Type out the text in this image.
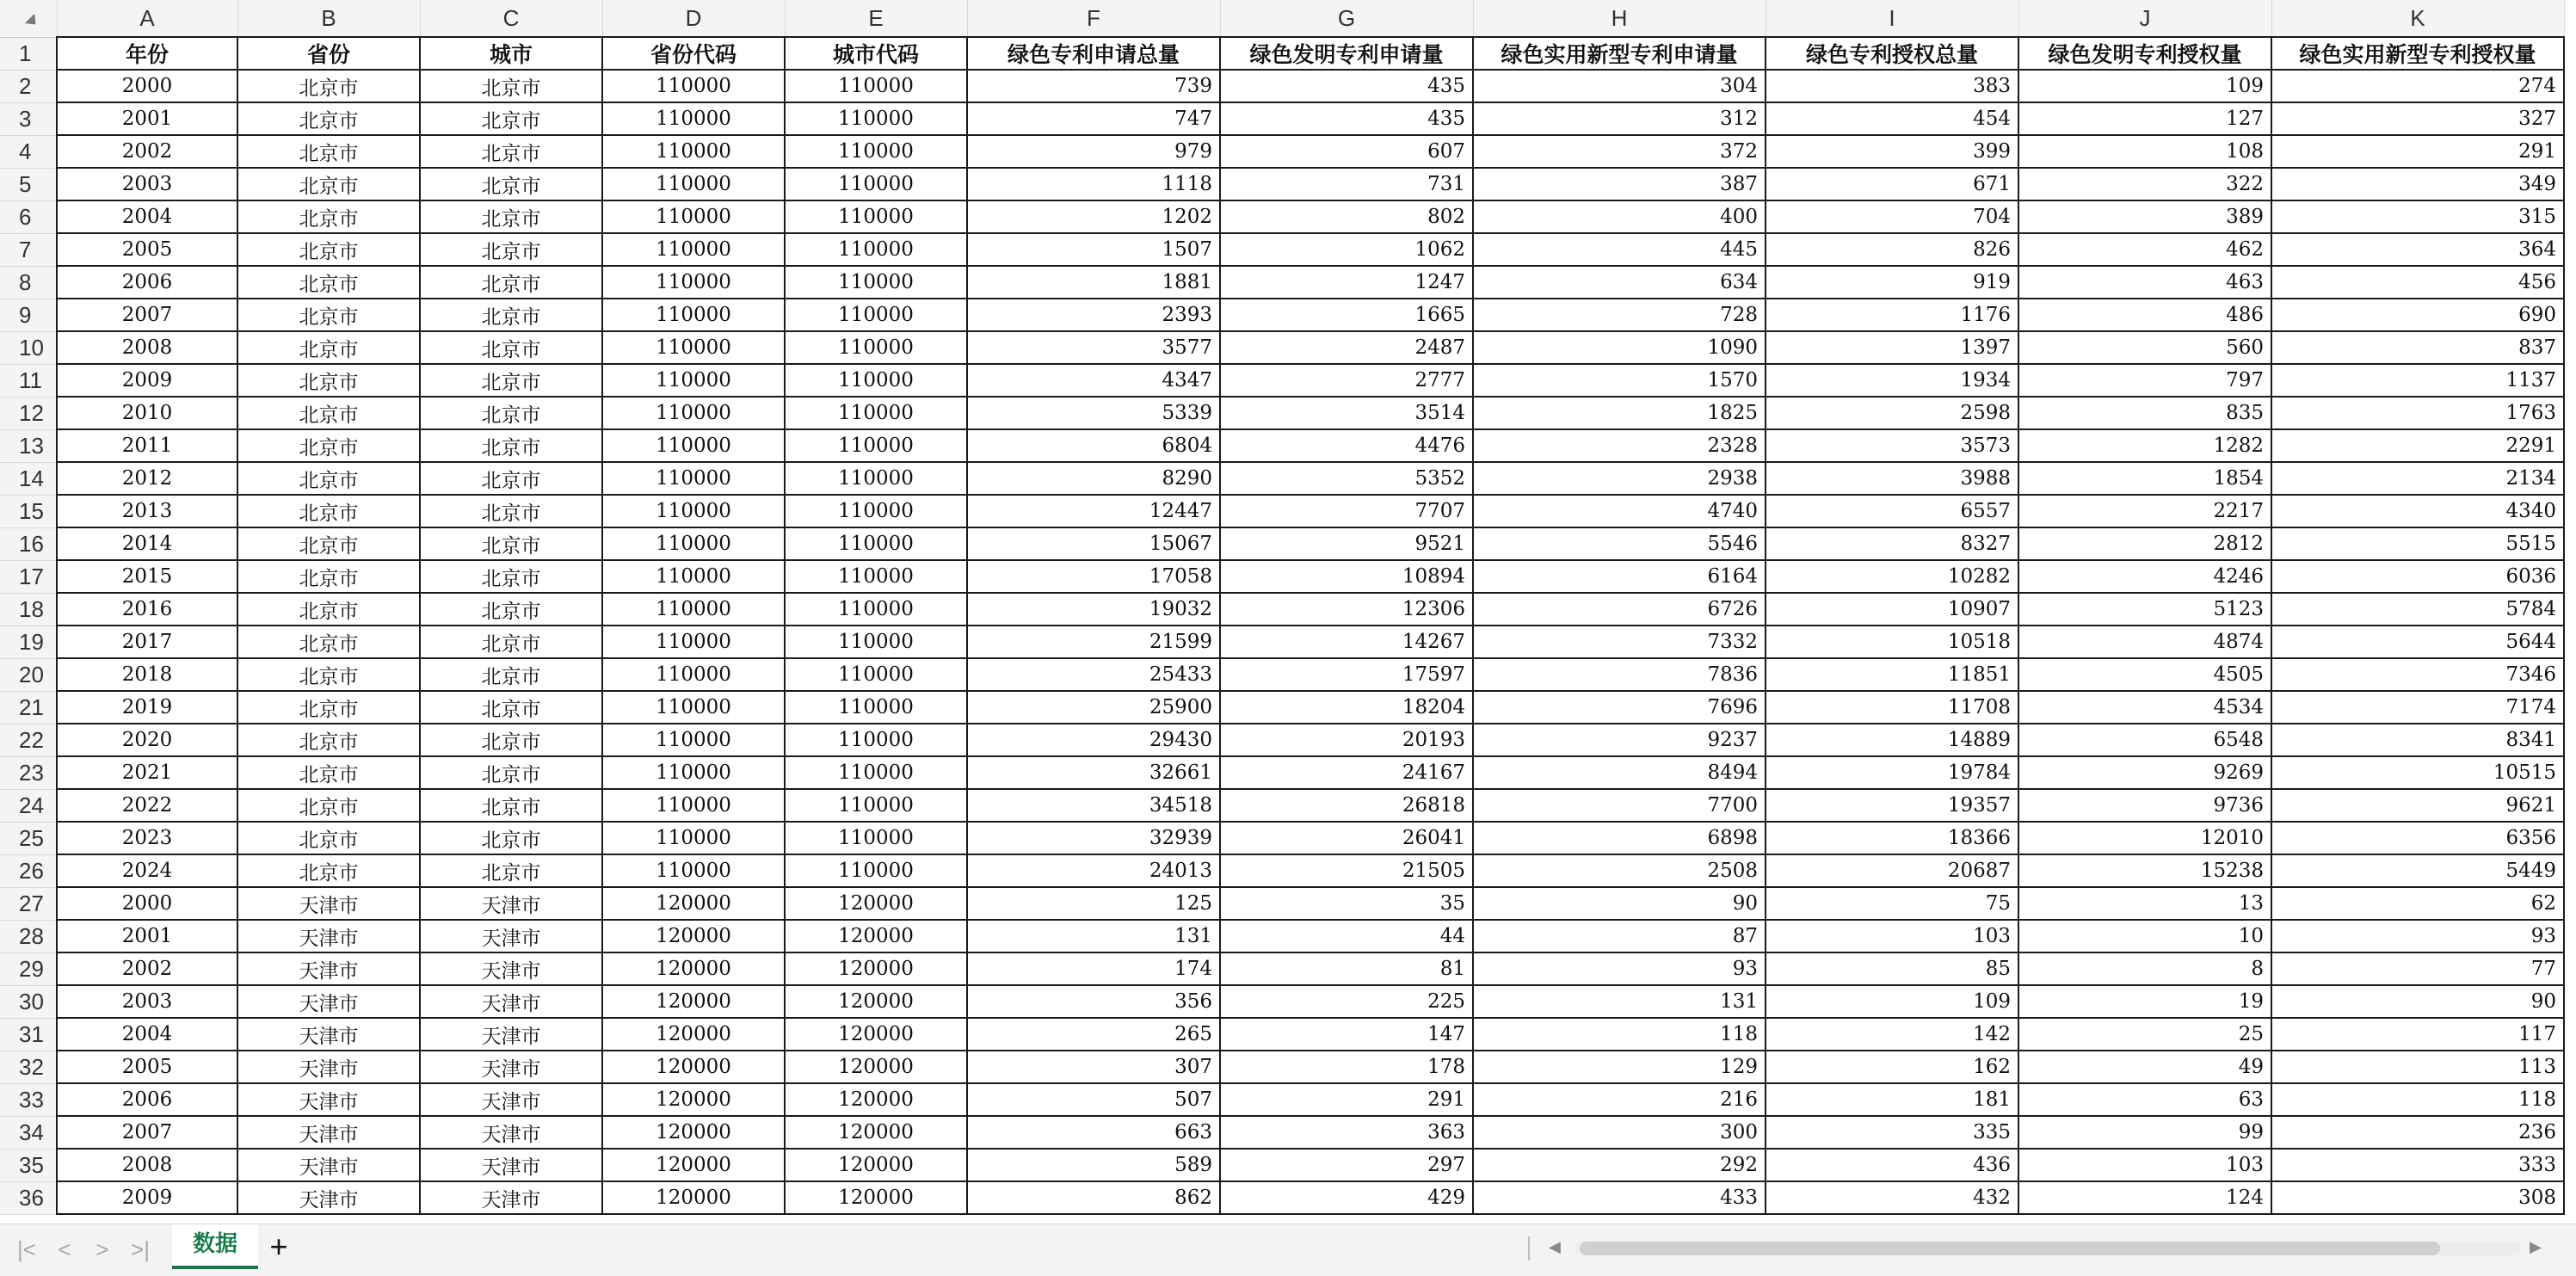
	A	B	C	D	E	F	G	H	I	J	K
1	年份	省份	城市	省份代码	城市代码	绿色专利申请总量	绿色发明专利申请量	绿色实用新型专利申请量	绿色专利授权总量	绿色发明专利授权量	绿色实用新型专利授权量
2	2000	北京市	北京市	110000	110000	739	435	304	383	109	274
3	2001	北京市	北京市	110000	110000	747	435	312	454	127	327
4	2002	北京市	北京市	110000	110000	979	607	372	399	108	291
5	2003	北京市	北京市	110000	110000	1118	731	387	671	322	349
6	2004	北京市	北京市	110000	110000	1202	802	400	704	389	315
7	2005	北京市	北京市	110000	110000	1507	1062	445	826	462	364
8	2006	北京市	北京市	110000	110000	1881	1247	634	919	463	456
9	2007	北京市	北京市	110000	110000	2393	1665	728	1176	486	690
10	2008	北京市	北京市	110000	110000	3577	2487	1090	1397	560	837
11	2009	北京市	北京市	110000	110000	4347	2777	1570	1934	797	1137
12	2010	北京市	北京市	110000	110000	5339	3514	1825	2598	835	1763
13	2011	北京市	北京市	110000	110000	6804	4476	2328	3573	1282	2291
14	2012	北京市	北京市	110000	110000	8290	5352	2938	3988	1854	2134
15	2013	北京市	北京市	110000	110000	12447	7707	4740	6557	2217	4340
16	2014	北京市	北京市	110000	110000	15067	9521	5546	8327	2812	5515
17	2015	北京市	北京市	110000	110000	17058	10894	6164	10282	4246	6036
18	2016	北京市	北京市	110000	110000	19032	12306	6726	10907	5123	5784
19	2017	北京市	北京市	110000	110000	21599	14267	7332	10518	4874	5644
20	2018	北京市	北京市	110000	110000	25433	17597	7836	11851	4505	7346
21	2019	北京市	北京市	110000	110000	25900	18204	7696	11708	4534	7174
22	2020	北京市	北京市	110000	110000	29430	20193	9237	14889	6548	8341
23	2021	北京市	北京市	110000	110000	32661	24167	8494	19784	9269	10515
24	2022	北京市	北京市	110000	110000	34518	26818	7700	19357	9736	9621
25	2023	北京市	北京市	110000	110000	32939	26041	6898	18366	12010	6356
26	2024	北京市	北京市	110000	110000	24013	21505	2508	20687	15238	5449
27	2000	天津市	天津市	120000	120000	125	35	90	75	13	62
28	2001	天津市	天津市	120000	120000	131	44	87	103	10	93
29	2002	天津市	天津市	120000	120000	174	81	93	85	8	77
30	2003	天津市	天津市	120000	120000	356	225	131	109	19	90
31	2004	天津市	天津市	120000	120000	265	147	118	142	25	117
32	2005	天津市	天津市	120000	120000	307	178	129	162	49	113
33	2006	天津市	天津市	120000	120000	507	291	216	181	63	118
34	2007	天津市	天津市	120000	120000	663	363	300	335	99	236
35	2008	天津市	天津市	120000	120000	589	297	292	436	103	333
36	2009	天津市	天津市	120000	120000	862	429	433	432	124	308
|< <	> >|	数据	+	◀	▶
